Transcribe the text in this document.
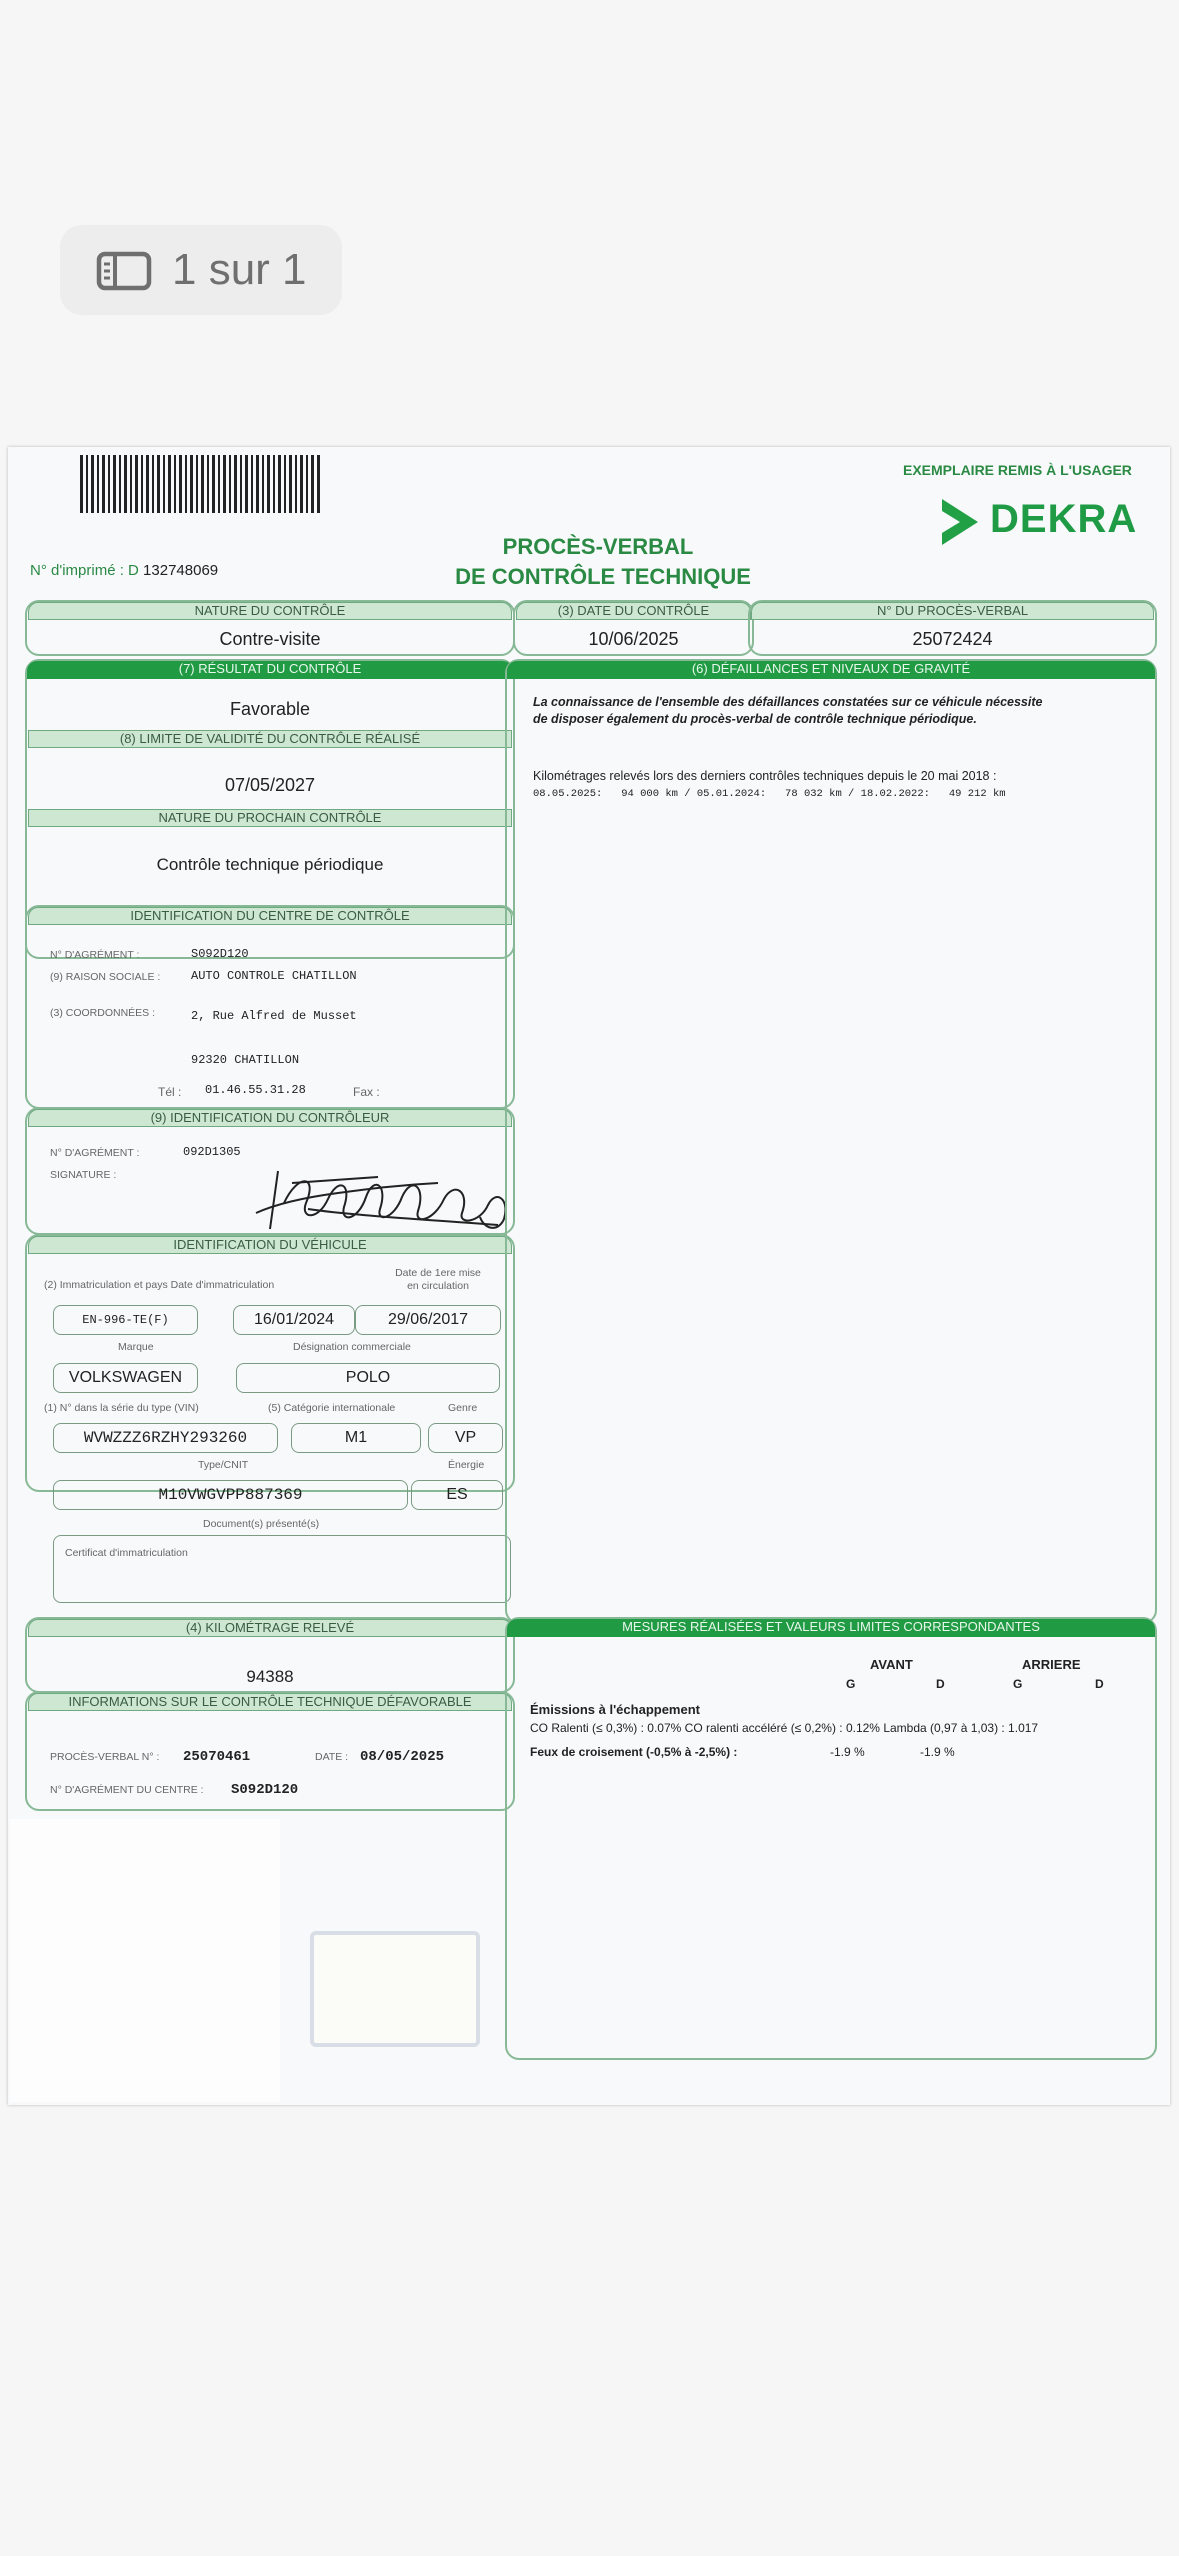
1 sur 1
EXEMPLAIRE REMIS À L'USAGER
DEKRA
PROCÈS-VERBAL
DE CONTRÔLE TECHNIQUE
N° d'imprimé : D 132748069
NATURE DU CONTRÔLE
Contre-visite
(3) DATE DU CONTRÔLE
10/06/2025
N° DU PROCÈS-VERBAL
25072424
(7) RÉSULTAT DU CONTRÔLE
Favorable
(8) LIMITE DE VALIDITÉ DU CONTRÔLE RÉALISÉ
07/05/2027
NATURE DU PROCHAIN CONTRÔLE
Contrôle technique périodique
IDENTIFICATION DU CENTRE DE CONTRÔLE
N° D'AGRÉMENT :	S092D120
(9) RAISON SOCIALE :	AUTO CONTROLE CHATILLON
(3) COORDONNÉES :	2, Rue Alfred de Musset
92320 CHATILLON
Tél : 01.46.55.31.28	Fax :
(9) IDENTIFICATION DU CONTRÔLEUR
N° D'AGRÉMENT :	092D1305
SIGNATURE :
IDENTIFICATION DU VÉHICULE
(2) Immatriculation et pays Date d'immatriculation
Date de 1ere mise
en circulation
EN-996-TE(F)	16/01/2024	29/06/2017
Marque	Désignation commerciale
VOLKSWAGEN	POLO
(1) N° dans la série du type (VIN)	(5) Catégorie internationale	Genre
WVWZZZ6RZHY293260	M1	VP
Type/CNIT	Énergie
M10VWGVPP887369	ES
Document(s) présenté(s)
Certificat d'immatriculation
(4) KILOMÉTRAGE RELEVÉ
94388
INFORMATIONS SUR LE CONTRÔLE TECHNIQUE DÉFAVORABLE
PROCÈS-VERBAL N° : 25070461	DATE : 08/05/2025
N° D'AGRÉMENT DU CENTRE : S092D120
(6) DÉFAILLANCES ET NIVEAUX DE GRAVITÉ
La connaissance de l'ensemble des défaillances constatées sur ce véhicule nécessite
de disposer également du procès-verbal de contrôle technique périodique.
Kilométrages relevés lors des derniers contrôles techniques depuis le 20 mai 2018 :
08.05.2025:   94 000 km / 05.01.2024:   78 032 km / 18.02.2022:   49 212 km
MESURES RÉALISÉES ET VALEURS LIMITES CORRESPONDANTES
AVANT	ARRIERE
G	D	G	D
Émissions à l'échappement
CO Ralenti (≤ 0,3%) : 0.07% CO ralenti accéléré (≤ 0,2%) : 0.12% Lambda (0,97 à 1,03) : 1.017
Feux de croisement (-0,5% à -2,5%) :	-1.9 %	-1.9 %
